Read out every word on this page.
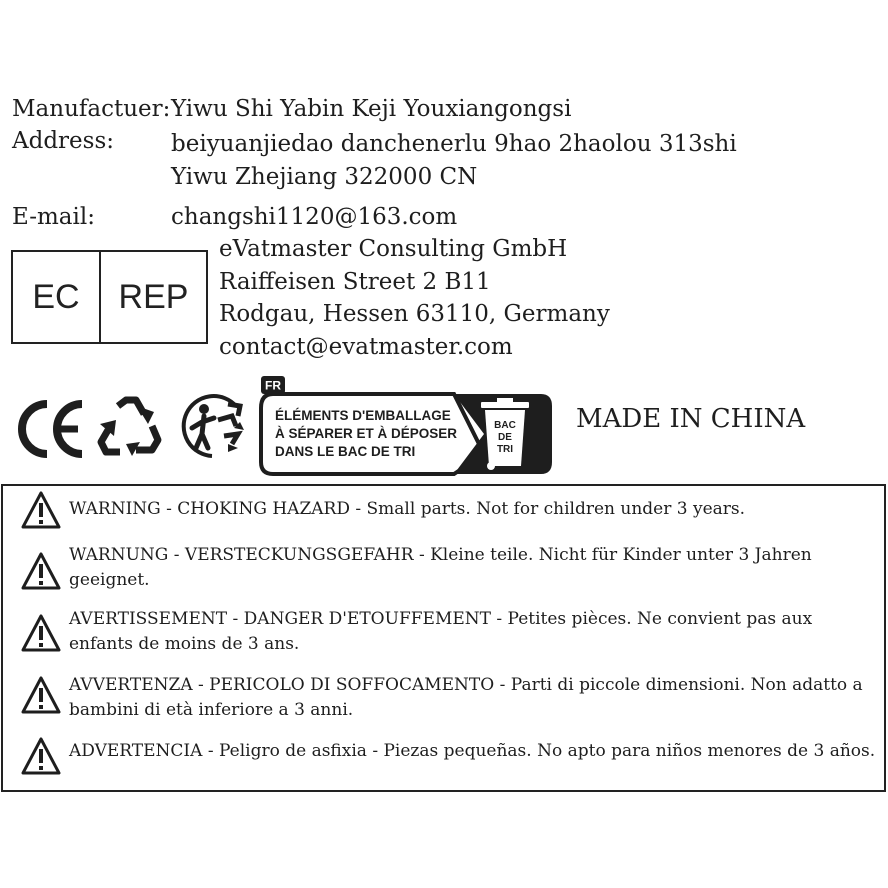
Manufactuer: Yiwu Shi Yabin Keji Youxiangongsi
Address: beiyuanjiedao danchenerlu 9hao 2haolou 313shi
Yiwu Zhejiang 322000 CN
E-mail:	changshi1120@163.com
EC	REP
eVatmaster Consulting GmbH
Raiffeisen Street 2 B11
Rodgau, Hessen 63110, Germany
contact@evatmaster.com
FR
ÉLÉMENTS D'EMBALLAGE
À SÉPARER ET À DÉPOSER
DANS LE BAC DE TRI
BAC
DE
TRI
MADE IN CHINA
WARNING - CHOKING HAZARD - Small parts. Not for children under 3 years.
WARNUNG - VERSTECKUNGSGEFAHR - Kleine teile. Nicht für Kinder unter 3 Jahren geeignet.
AVERTISSEMENT - DANGER D'ETOUFFEMENT - Petites pièces. Ne convient pas aux enfants de moins de 3 ans.
AVVERTENZA - PERICOLO DI SOFFOCAMENTO - Parti di piccole dimensioni. Non adatto a bambini di età inferiore a 3 anni.
ADVERTENCIA - Peligro de asfixia - Piezas pequeñas. No apto para niños menores de 3 años.
